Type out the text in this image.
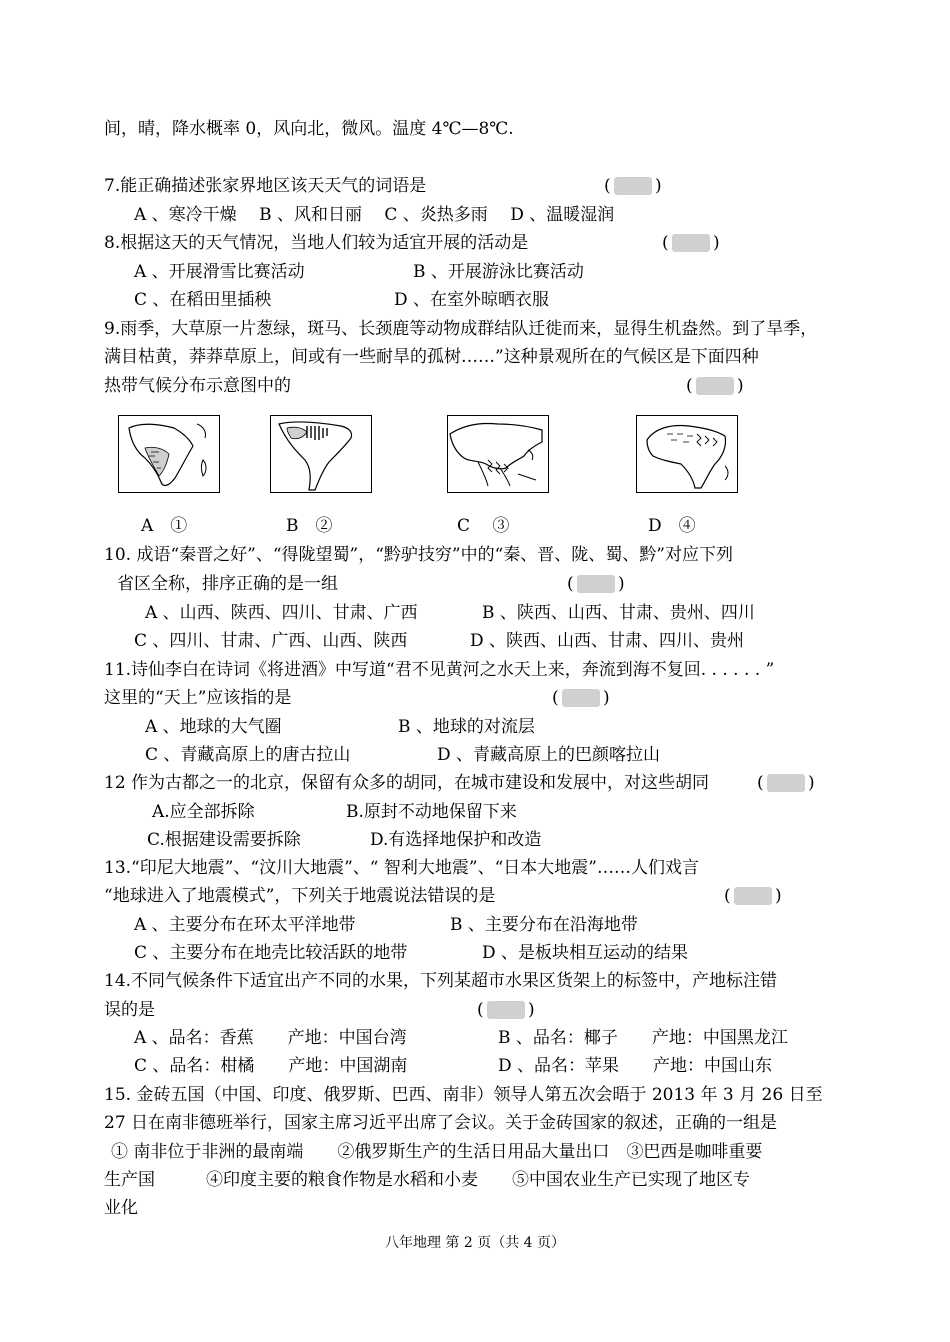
间，晴，降水概率 0，风向北，微风。温度 4℃—8℃.
7.能正确描述张家界地区该天天气的词语是	(	)
A 、寒冷干燥　 B 、风和日丽　 C 、炎热多雨　 D 、温暖湿润
8.根据这天的天气情况，当地人们较为适宜开展的活动是	(	)
A 、开展滑雪比赛活动	B 、开展游泳比赛活动
C 、在稻田里插秧	D 、在室外晾晒衣服
9.雨季，大草原一片葱绿，斑马、长颈鹿等动物成群结队迁徙而来，显得生机盎然。到了旱季，
满目枯黄，莽莽草原上，间或有一些耐旱的孤树……”这种景观所在的气候区是下面四种
热带气候分布示意图中的	(	)
A　①	B　②	C　 ③	D　④
10. 成语“秦晋之好”、“得陇望蜀”，“黔驴技穷”中的“秦、晋、陇、蜀、黔”对应下列
省区全称，排序正确的是一组	(	)
A 、山西、陕西、四川、甘肃、广西	B 、陕西、山西、甘肃、贵州、四川
C 、四川、甘肃、广西、山西、陕西	D 、陕西、山西、甘肃、四川、贵州
11.诗仙李白在诗词《将进酒》中写道“君不见黄河之水天上来，奔流到海不复回. . . . . . ”
这里的“天上”应该指的是	(	)
A 、地球的大气圈	B 、地球的对流层
C 、青藏高原上的唐古拉山	D 、青藏高原上的巴颜喀拉山
12 作为古都之一的北京，保留有众多的胡同，在城市建设和发展中，对这些胡同	(	)
A.应全部拆除	B.原封不动地保留下来
C.根据建设需要拆除	D.有选择地保护和改造
13.“印尼大地震”、“汶川大地震”、“ 智利大地震”、“日本大地震”……人们戏言
“地球进入了地震模式”，下列关于地震说法错误的是	(	)
A 、主要分布在环太平洋地带	B 、主要分布在沿海地带
C 、主要分布在地壳比较活跃的地带	D 、是板块相互运动的结果
14.不同气候条件下适宜出产不同的水果，下列某超市水果区货架上的标签中，产地标注错
误的是	(	)
A 、品名：香蕉　　产地：中国台湾	B 、品名：椰子　　产地：中国黑龙江
C 、品名：柑橘　　产地：中国湖南	D 、品名：苹果　　产地：中国山东
15. 金砖五国（中国、印度、俄罗斯、巴西、南非）领导人第五次会晤于 2013 年 3 月 26 日至
27 日在南非德班举行，国家主席习近平出席了会议。关于金砖国家的叙述，正确的一组是
① 南非位于非洲的最南端　　②俄罗斯生产的生活日用品大量出口　③巴西是咖啡重要
生产国　　　④印度主要的粮食作物是水稻和小麦　　⑤中国农业生产已实现了地区专
业化
八年地理 第 2 页（共 4 页）
